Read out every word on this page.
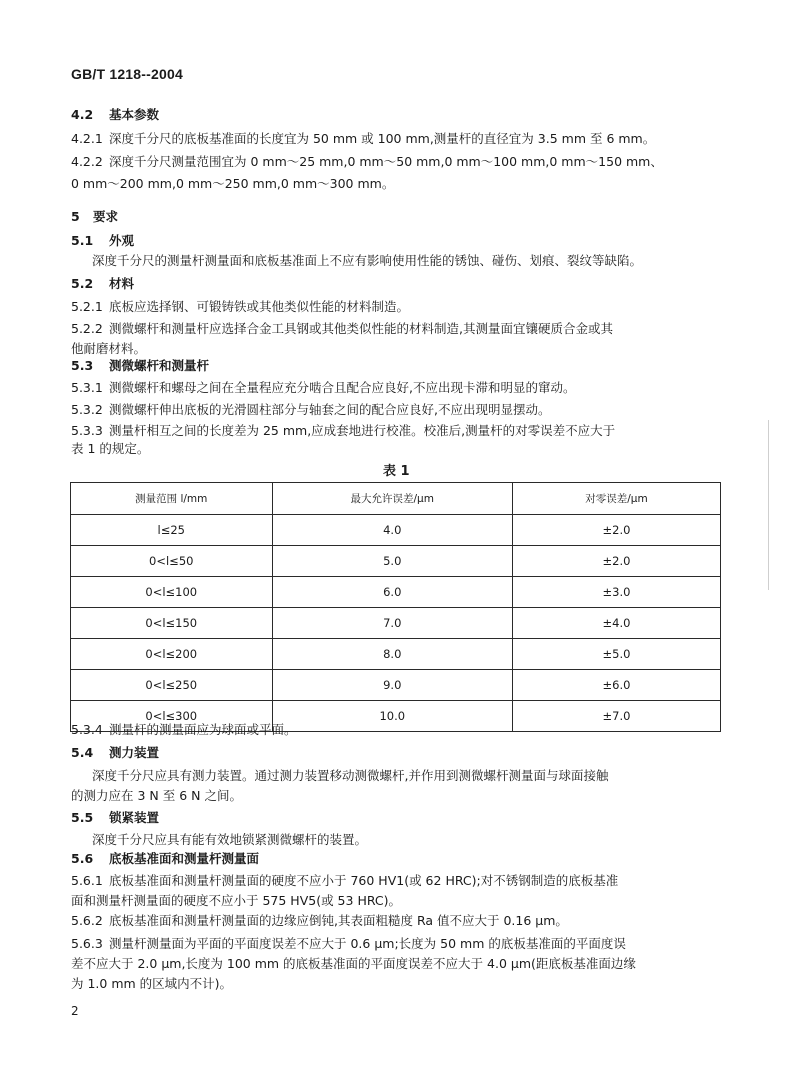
GB/T 1218--2004
4.2 基本参数
4.2.1 深度千分尺的底板基准面的长度宜为 50 mm 或 100 mm,测量杆的直径宜为 3.5 mm 至 6 mm。
4.2.2 深度千分尺测量范围宜为 0 mm～25 mm,0 mm～50 mm,0 mm～100 mm,0 mm～150 mm、
0 mm～200 mm,0 mm～250 mm,0 mm～300 mm。
5 要求
5.1 外观
深度千分尺的测量杆测量面和底板基准面上不应有影响使用性能的锈蚀、碰伤、划痕、裂纹等缺陷。
5.2 材料
5.2.1 底板应选择钢、可锻铸铁或其他类似性能的材料制造。
5.2.2 测微螺杆和测量杆应选择合金工具钢或其他类似性能的材料制造,其测量面宜镶硬质合金或其
他耐磨材料。
5.3 测微螺杆和测量杆
5.3.1 测微螺杆和螺母之间在全量程应充分啮合且配合应良好,不应出现卡滞和明显的窜动。
5.3.2 测微螺杆伸出底板的光滑圆柱部分与轴套之间的配合应良好,不应出现明显摆动。
5.3.3 测量杆相互之间的长度差为 25 mm,应成套地进行校准。校准后,测量杆的对零误差不应大于
表 1 的规定。
表 1
测量范围 l/mm	最大允许误差/μm	对零误差/μm
l≤25	4.0	±2.0
0<l≤50	5.0	±2.0
0<l≤100	6.0	±3.0
0<l≤150	7.0	±4.0
0<l≤200	8.0	±5.0
0<l≤250	9.0	±6.0
0<l≤300	10.0	±7.0
5.3.4 测量杆的测量面应为球面或平面。
5.4 测力装置
深度千分尺应具有测力装置。通过测力装置移动测微螺杆,并作用到测微螺杆测量面与球面接触
的测力应在 3 N 至 6 N 之间。
5.5 锁紧装置
深度千分尺应具有能有效地锁紧测微螺杆的装置。
5.6 底板基准面和测量杆测量面
5.6.1 底板基准面和测量杆测量面的硬度不应小于 760 HV1(或 62 HRC);对不锈钢制造的底板基准
面和测量杆测量面的硬度不应小于 575 HV5(或 53 HRC)。
5.6.2 底板基准面和测量杆测量面的边缘应倒钝,其表面粗糙度 Ra 值不应大于 0.16 μm。
5.6.3 测量杆测量面为平面的平面度误差不应大于 0.6 μm;长度为 50 mm 的底板基准面的平面度误
差不应大于 2.0 μm,长度为 100 mm 的底板基准面的平面度误差不应大于 4.0 μm(距底板基准面边缘
为 1.0 mm 的区域内不计)。
2
